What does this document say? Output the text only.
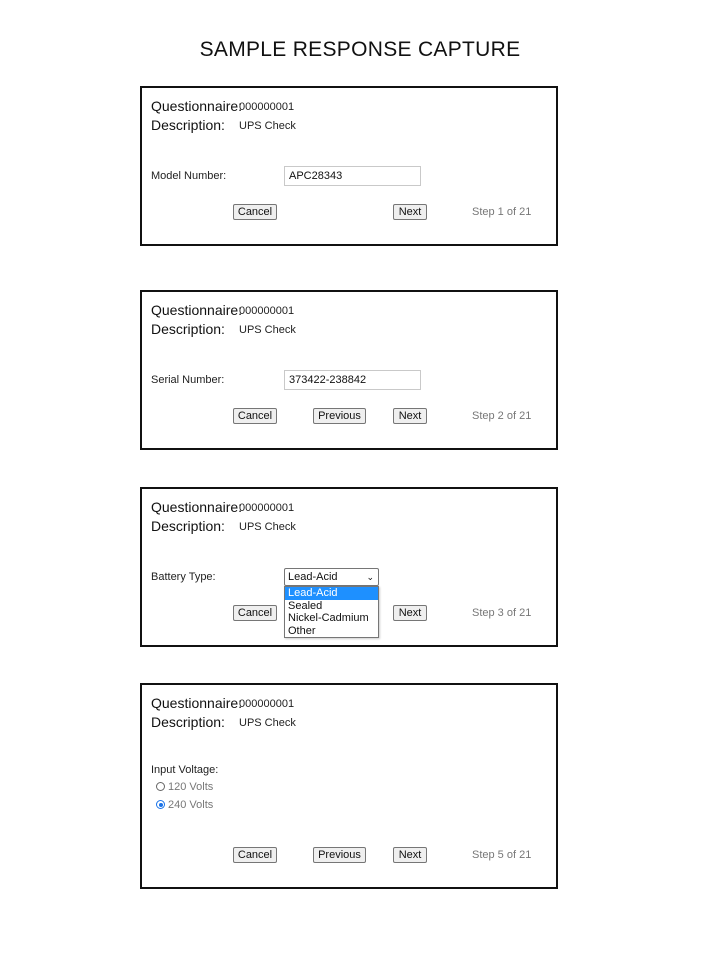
SAMPLE RESPONSE CAPTURE
Questionnaire:
000000001
Description: UPS Check
Model Number:
APC28343
Cancel	Next	Step 1 of 21
Questionnaire:
000000001
Description: UPS Check
Serial Number:
373422-238842
Cancel	Previous	Next	Step 2 of 21
Questionnaire:
000000001
Description: UPS Check
Battery Type:	Lead-Acid	⌄
Lead-Acid
Sealed
Nickel-Cadmium
Other
Cancel	Next	Step 3 of 21
Questionnaire:
000000001
Description: UPS Check
Input Voltage:
120 Volts
240 Volts
Cancel	Previous	Next	Step 5 of 21
